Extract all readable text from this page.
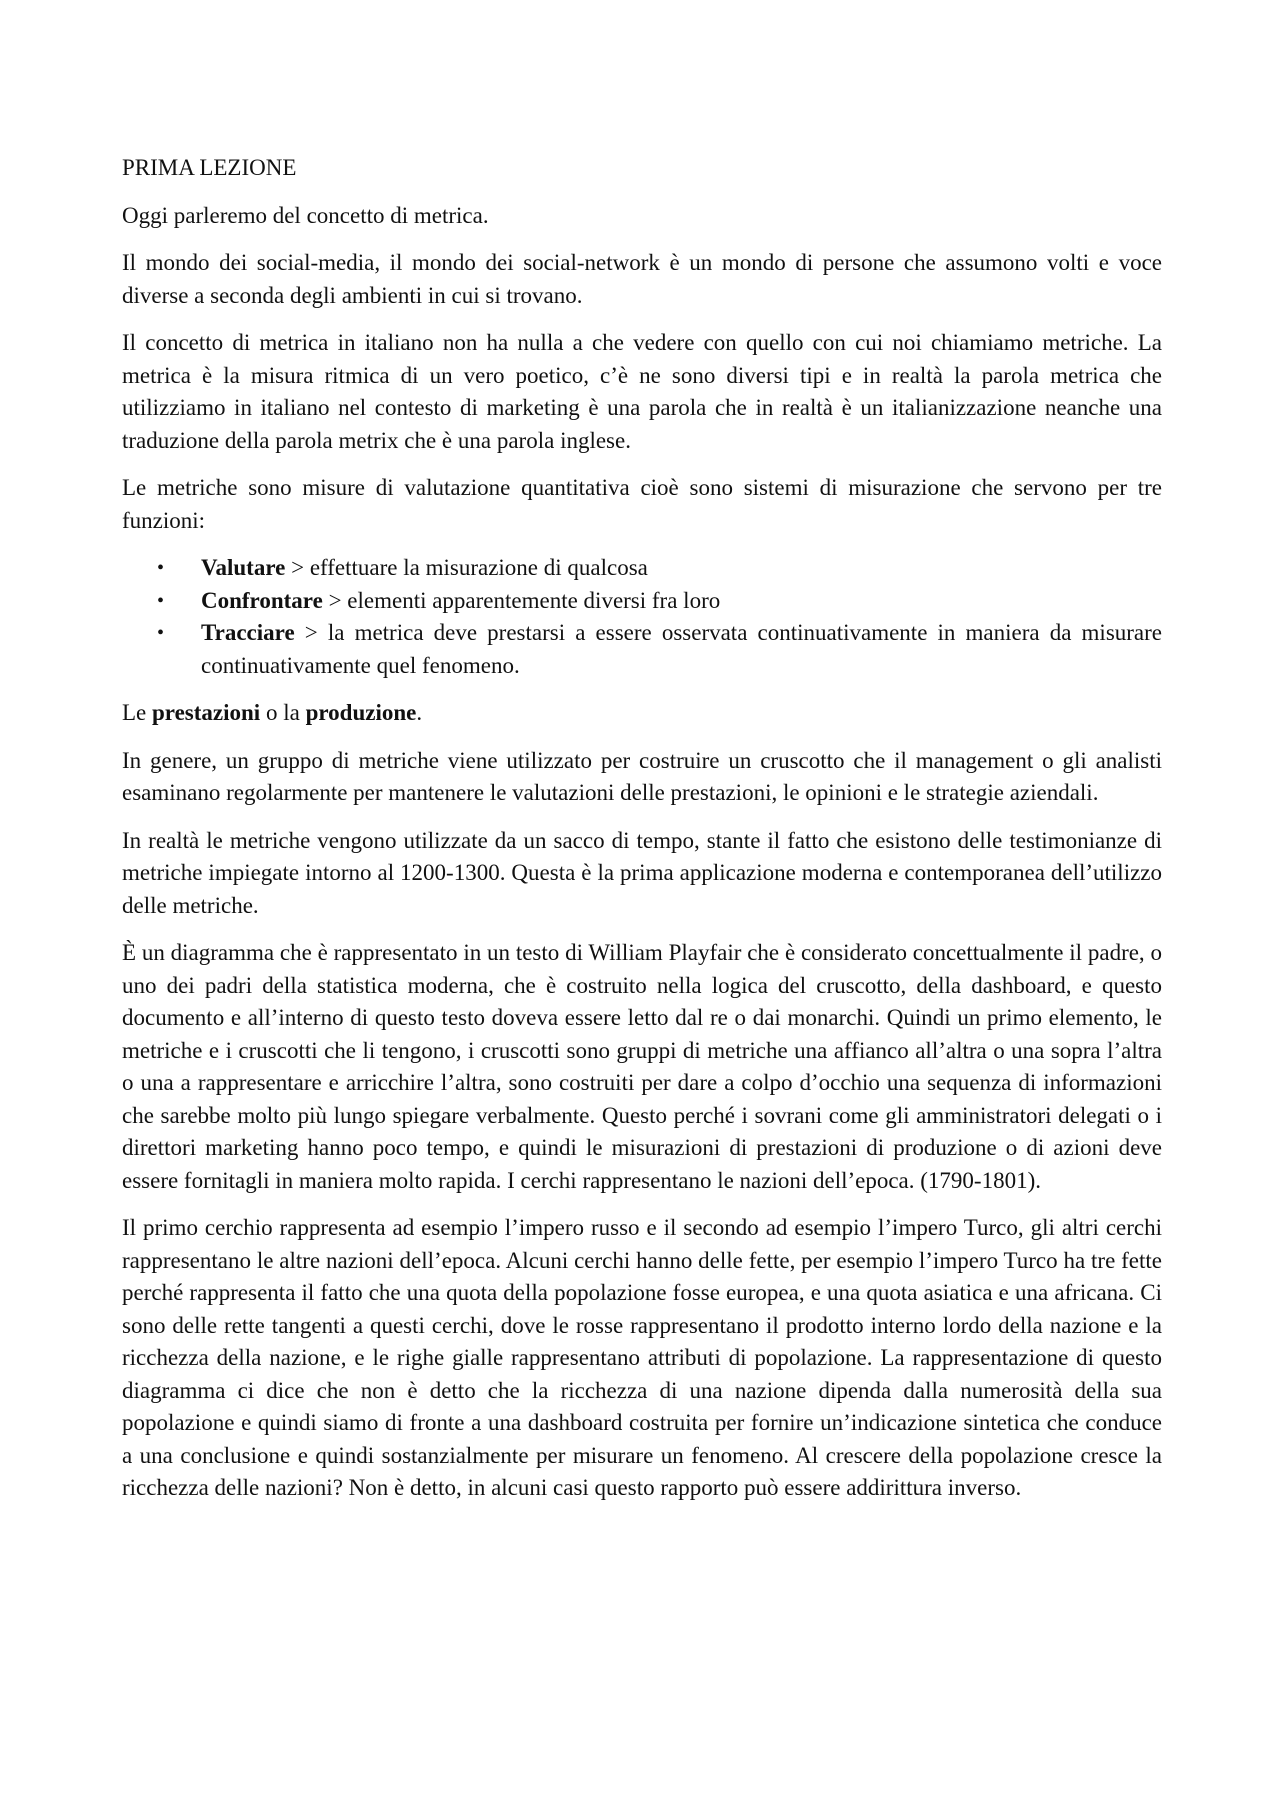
PRIMA LEZIONE

Oggi parleremo del concetto di metrica.

Il mondo dei social-media, il mondo dei social-network è un mondo di persone che assumono volti e voce diverse a seconda degli ambienti in cui si trovano.

Il concetto di metrica in italiano non ha nulla a che vedere con quello con cui noi chiamiamo metriche. La metrica è la misura ritmica di un vero poetico, c’è ne sono diversi tipi e in realtà la parola metrica che utilizziamo in italiano nel contesto di marketing è una parola che in realtà è un italianizzazione neanche una traduzione della parola metrix che è una parola inglese.

Le metriche sono misure di valutazione quantitativa cioè sono sistemi di misurazione che servono per tre funzioni:

• Valutare > effettuare la misurazione di qualcosa
• Confrontare > elementi apparentemente diversi fra loro
• Tracciare > la metrica deve prestarsi a essere osservata continuativamente in maniera da misurare continuativamente quel fenomeno.

Le prestazioni o la produzione.

In genere, un gruppo di metriche viene utilizzato per costruire un cruscotto che il management o gli analisti esaminano regolarmente per mantenere le valutazioni delle prestazioni, le opinioni e le strategie aziendali.

In realtà le metriche vengono utilizzate da un sacco di tempo, stante il fatto che esistono delle testimonianze di metriche impiegate intorno al 1200-1300. Questa è la prima applicazione moderna e contemporanea dell’utilizzo delle metriche.

È un diagramma che è rappresentato in un testo di William Playfair che è considerato concettualmente il padre, o uno dei padri della statistica moderna, che è costruito nella logica del cruscotto, della dashboard, e questo documento e all’interno di questo testo doveva essere letto dal re o dai monarchi. Quindi un primo elemento, le metriche e i cruscotti che li tengono, i cruscotti sono gruppi di metriche una affianco all’altra o una sopra l’altra o una a rappresentare e arricchire l’altra, sono costruiti per dare a colpo d’occhio una sequenza di informazioni che sarebbe molto più lungo spiegare verbalmente. Questo perché i sovrani come gli amministratori delegati o i direttori marketing hanno poco tempo, e quindi le misurazioni di prestazioni di produzione o di azioni deve essere fornitagli in maniera molto rapida. I cerchi rappresentano le nazioni dell’epoca. (1790-1801).

Il primo cerchio rappresenta ad esempio l’impero russo e il secondo ad esempio l’impero Turco, gli altri cerchi rappresentano le altre nazioni dell’epoca. Alcuni cerchi hanno delle fette, per esempio l’impero Turco ha tre fette perché rappresenta il fatto che una quota della popolazione fosse europea, e una quota asiatica e una africana. Ci sono delle rette tangenti a questi cerchi, dove le rosse rappresentano il prodotto interno lordo della nazione e la ricchezza della nazione, e le righe gialle rappresentano attributi di popolazione. La rappresentazione di questo diagramma ci dice che non è detto che la ricchezza di una nazione dipenda dalla numerosità della sua popolazione e quindi siamo di fronte a una dashboard costruita per fornire un’indicazione sintetica che conduce a una conclusione e quindi sostanzialmente per misurare un fenomeno. Al crescere della popolazione cresce la ricchezza delle nazioni? Non è detto, in alcuni casi questo rapporto può essere addirittura inverso.
